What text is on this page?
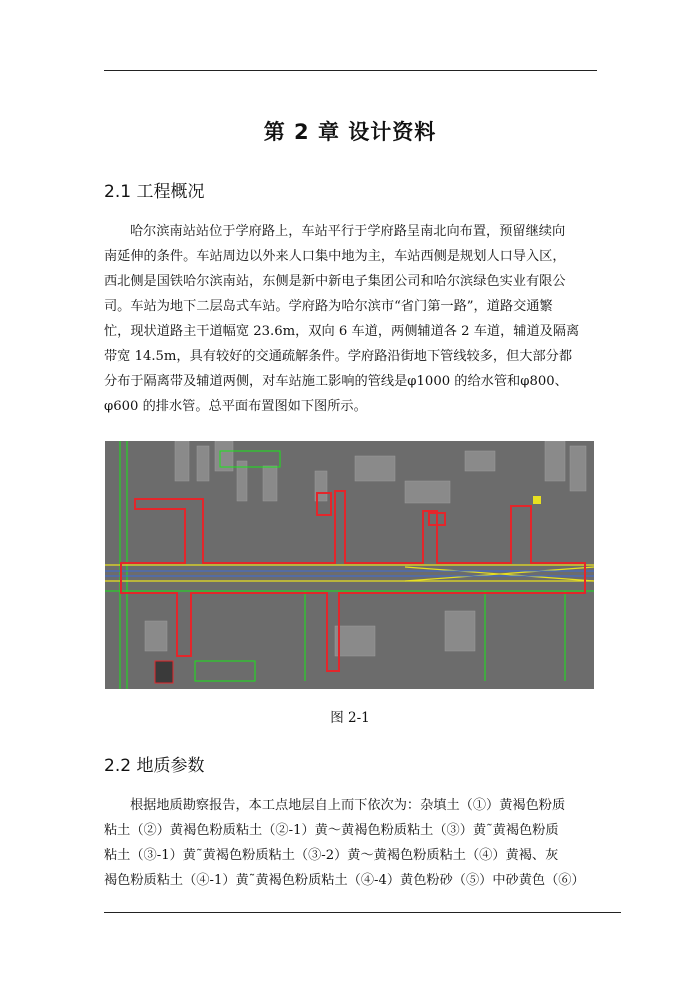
第 2 章 设计资料
2.1 工程概况
哈尔滨南站站位于学府路上，车站平行于学府路呈南北向布置，预留继续向
南延伸的条件。车站周边以外来人口集中地为主，车站西侧是规划人口导入区，
西北侧是国铁哈尔滨南站，东侧是新中新电子集团公司和哈尔滨绿色实业有限公
司。车站为地下二层岛式车站。学府路为哈尔滨市“省门第一路”，道路交通繁
忙，现状道路主干道幅宽 23.6m，双向 6 车道，两侧辅道各 2 车道，辅道及隔离
带宽 14.5m，具有较好的交通疏解条件。学府路沿街地下管线较多，但大部分都
分布于隔离带及辅道两侧，对车站施工影响的管线是φ1000 的给水管和φ800、
φ600 的排水管。总平面布置图如下图所示。
图 2-1
2.2 地质参数
根据地质勘察报告，本工点地层自上而下依次为：杂填土（①）黄褐色粉质
粘土（②）黄褐色粉质粘土（②-1）黄～黄褐色粉质粘土（③）黄˜黄褐色粉质
粘土（③-1）黄˜黄褐色粉质粘土（③-2）黄～黄褐色粉质粘土（④）黄褐、灰
褐色粉质粘土（④-1）黄˜黄褐色粉质粘土（④-4）黄色粉砂（⑤）中砂黄色（⑥）
